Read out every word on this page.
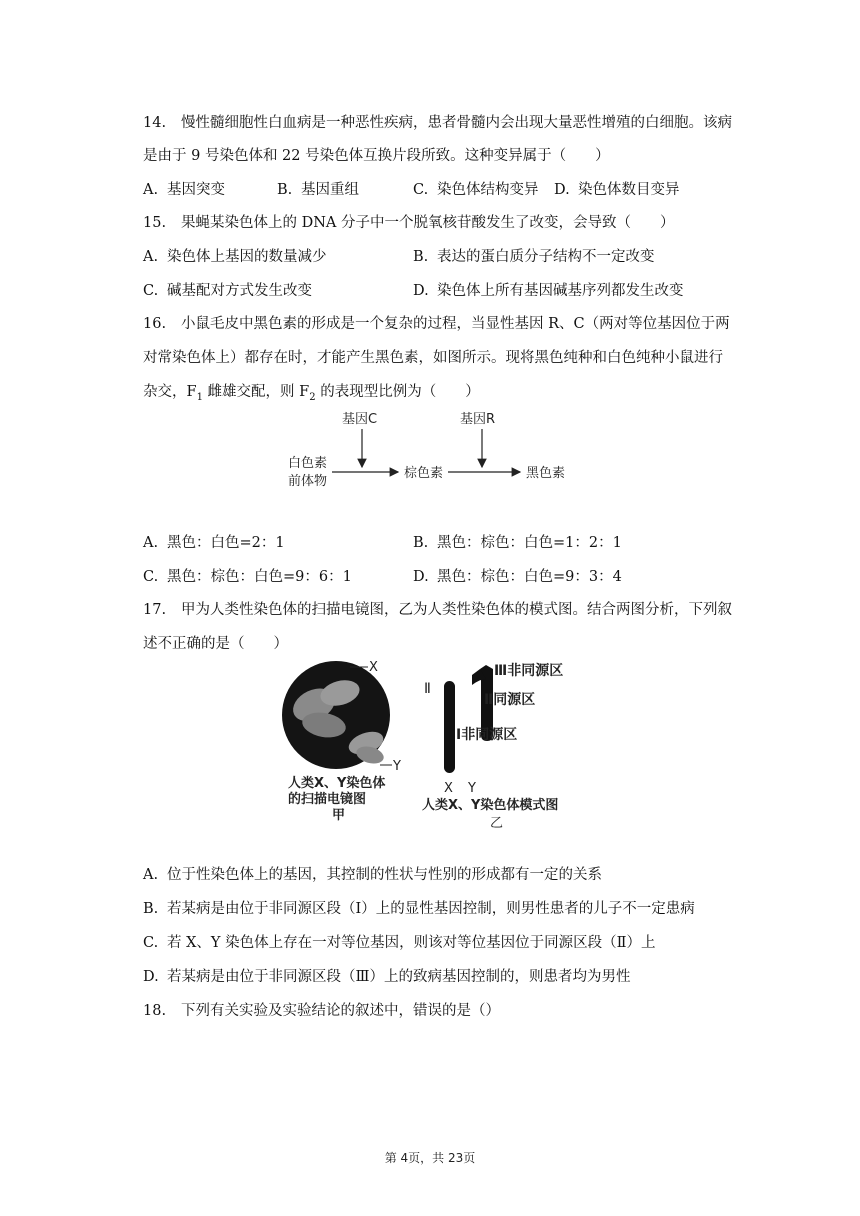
14. 慢性髓细胞性白血病是一种恶性疾病，患者骨髓内会出现大量恶性增殖的白细胞。该病
是由于 9 号染色体和 22 号染色体互换片段所致。这种变异属于（　　）
A. 基因突变	B. 基因重组	C. 染色体结构变异 D. 染色体数目变异
15. 果蝇某染色体上的 DNA 分子中一个脱氧核苷酸发生了改变，会导致（　　）
A. 染色体上基因的数量减少	B. 表达的蛋白质分子结构不一定改变
C. 碱基配对方式发生改变	D. 染色体上所有基因碱基序列都发生改变
16. 小鼠毛皮中黑色素的形成是一个复杂的过程，当显性基因 R、C（两对等位基因位于两
对常染色体上）都存在时，才能产生黑色素，如图所示。现将黑色纯种和白色纯种小鼠进行
杂交，$F_1$ 雌雄交配，则 $F_2$ 的表现型比例为（　　）
基因C	基因R
白色素
前体物
棕色素	黑色素
A. 黑色：白色=2：1	B. 黑色：棕色：白色=1：2：1
C. 黑色：棕色：白色=9：6：1	D. 黑色：棕色：白色=9：3：4
17. 甲为人类性染色体的扫描电镜图，乙为人类性染色体的模式图。结合两图分析，下列叙
述不正确的是（　　）
X
Y
人类X、Y染色体
的扫描电镜图
甲
Ⅱ
Ⅲ非同源区
Ⅱ同源区
Ⅰ非同源区
X Y
人类X、Y染色体模式图
乙
A. 位于性染色体上的基因，其控制的性状与性别的形成都有一定的关系
B. 若某病是由位于非同源区段（Ⅰ）上的显性基因控制，则男性患者的儿子不一定患病
C. 若 X、Y 染色体上存在一对等位基因，则该对等位基因位于同源区段（Ⅱ）上
D. 若某病是由位于非同源区段（Ⅲ）上的致病基因控制的，则患者均为男性
18. 下列有关实验及实验结论的叙述中，错误的是（）
第 4页，共 23页
